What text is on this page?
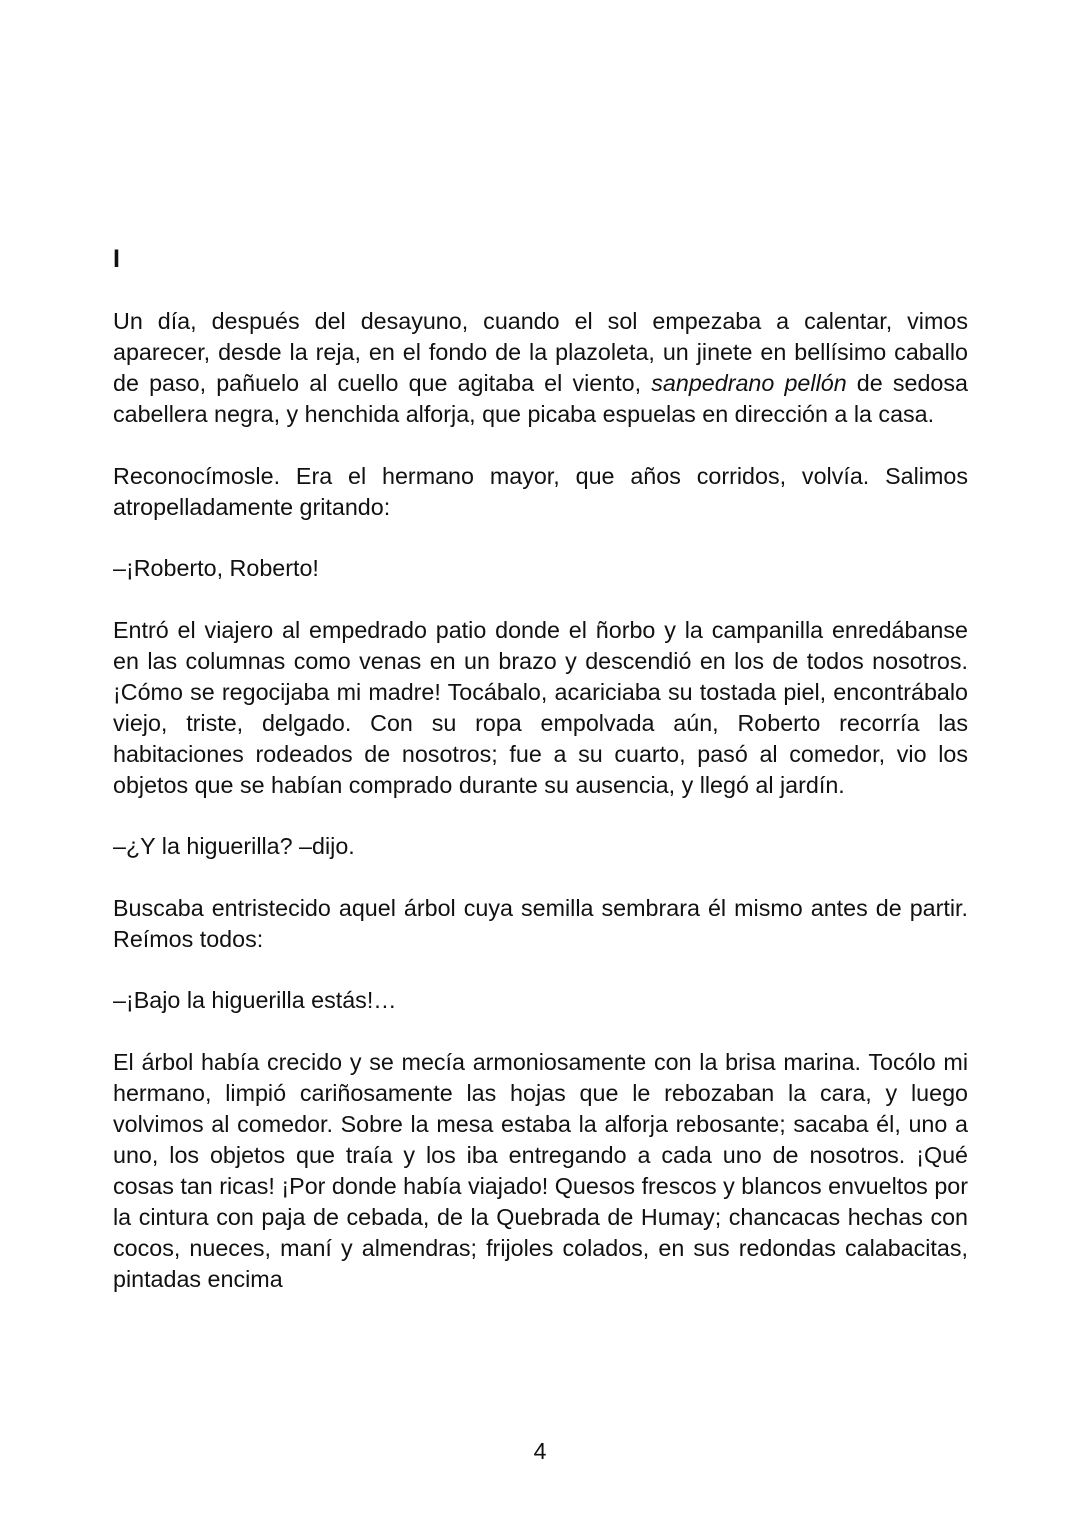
I

Un día, después del desayuno, cuando el sol empezaba a calentar, vimos aparecer, desde la reja, en el fondo de la plazoleta, un jinete en bellísimo caballo de paso, pañuelo al cuello que agitaba el viento, sanpedrano pellón de sedosa cabellera negra, y henchida alforja, que picaba espuelas en dirección a la casa.

Reconocímosle. Era el hermano mayor, que años corridos, volvía. Salimos atropelladamente gritando:

–¡Roberto, Roberto!

Entró el viajero al empedrado patio donde el ñorbo y la campanilla enredábanse en las columnas como venas en un brazo y descendió en los de todos nosotros. ¡Cómo se regocijaba mi madre! Tocábalo, acariciaba su tostada piel, encontrábalo viejo, triste, delgado. Con su ropa empolvada aún, Roberto recorría las habitaciones rodeados de nosotros; fue a su cuarto, pasó al comedor, vio los objetos que se habían comprado durante su ausencia, y llegó al jardín.

–¿Y la higuerilla? –dijo.

Buscaba entristecido aquel árbol cuya semilla sembrara él mismo antes de partir. Reímos todos:

–¡Bajo la higuerilla estás!…

El árbol había crecido y se mecía armoniosamente con la brisa marina. Tocólo mi hermano, limpió cariñosamente las hojas que le rebozaban la cara, y luego volvimos al comedor. Sobre la mesa estaba la alforja rebosante; sacaba él, uno a uno, los objetos que traía y los iba entregando a cada uno de nosotros. ¡Qué cosas tan ricas! ¡Por donde había viajado! Quesos frescos y blancos envueltos por la cintura con paja de cebada, de la Quebrada de Humay; chancacas hechas con cocos, nueces, maní y almendras; frijoles colados, en sus redondas calabacitas, pintadas encima

4
